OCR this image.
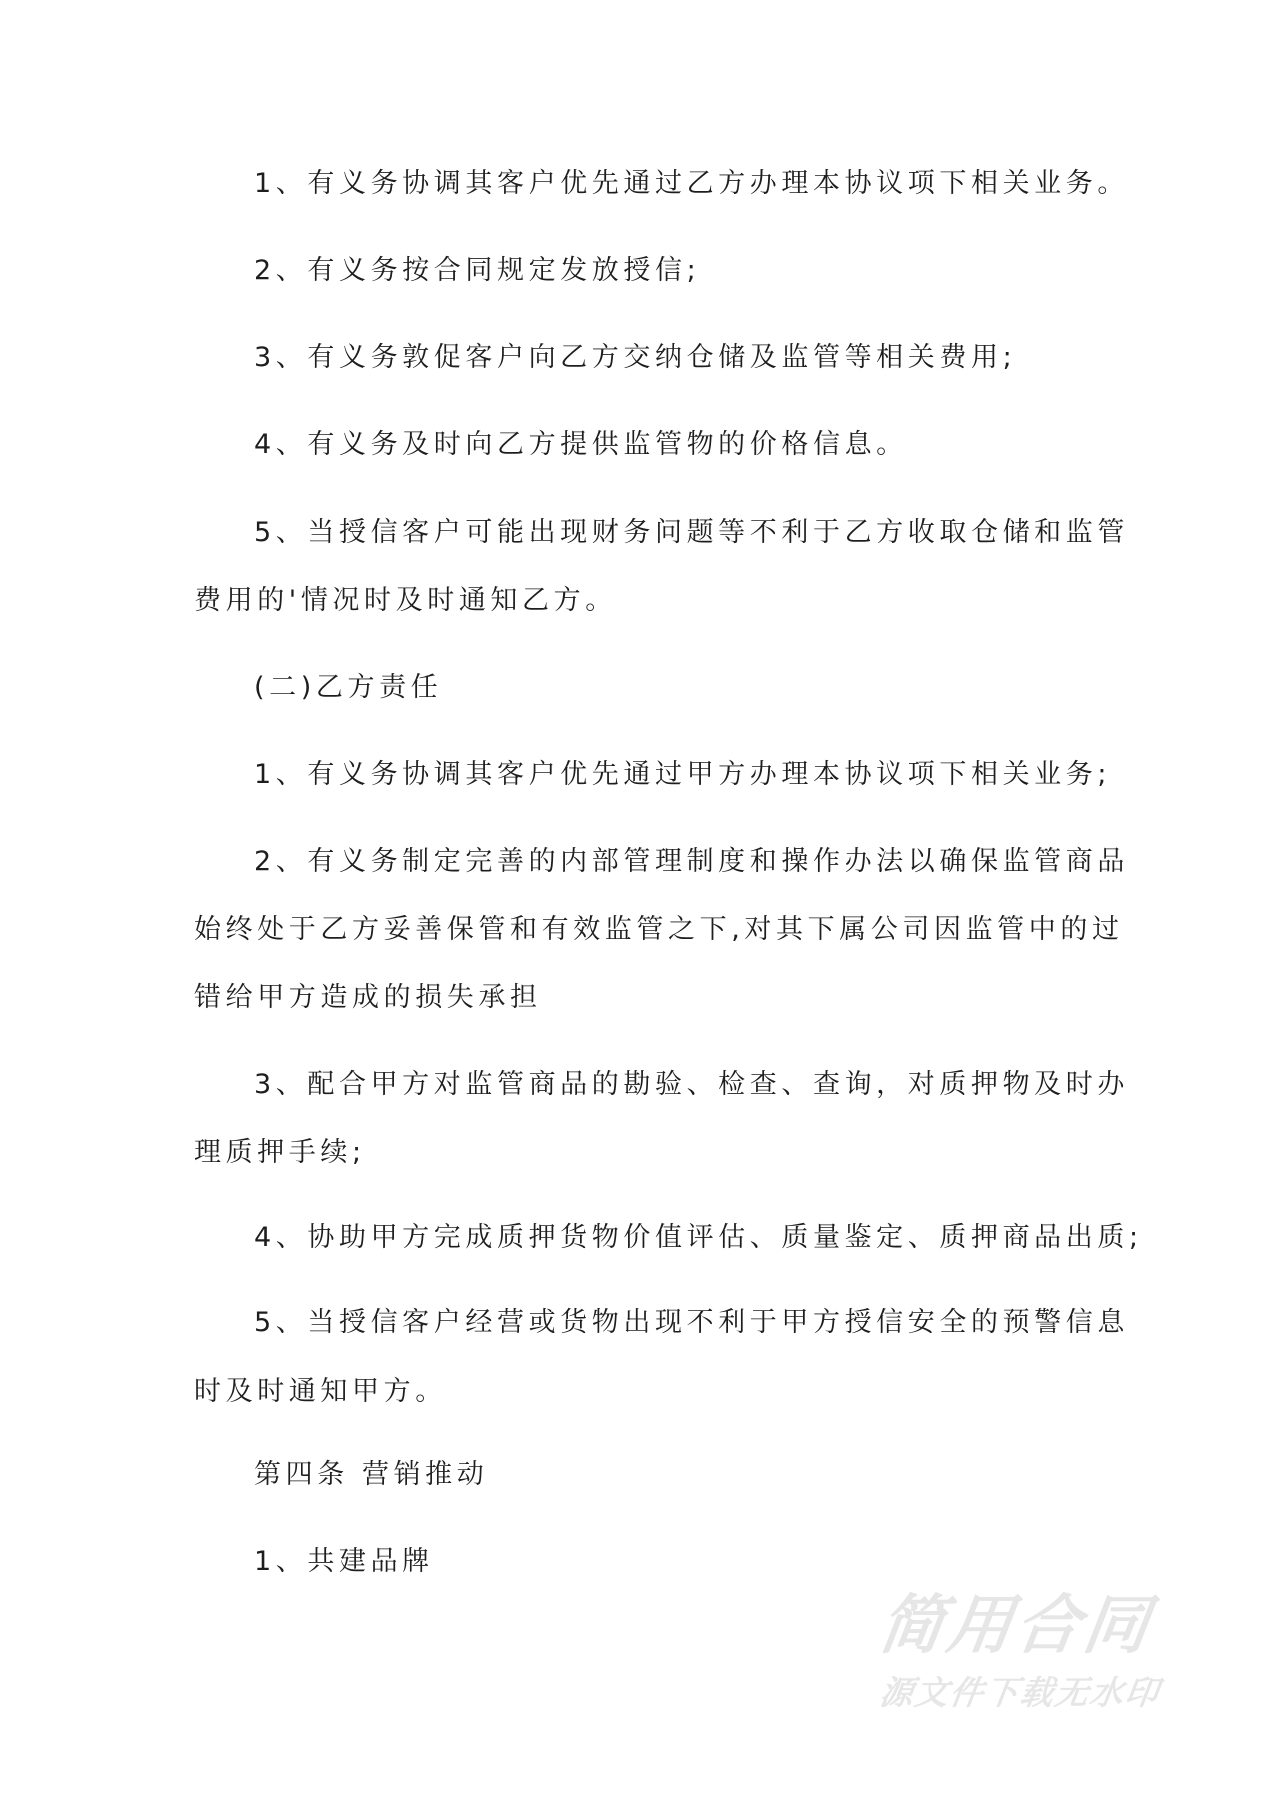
1、有义务协调其客户优先通过乙方办理本协议项下相关业务。
2、有义务按合同规定发放授信;
3、有义务敦促客户向乙方交纳仓储及监管等相关费用;
4、有义务及时向乙方提供监管物的价格信息。
5、当授信客户可能出现财务问题等不利于乙方收取仓储和监管
费用的'情况时及时通知乙方。
(二)乙方责任
1、有义务协调其客户优先通过甲方办理本协议项下相关业务;
2、有义务制定完善的内部管理制度和操作办法以确保监管商品
始终处于乙方妥善保管和有效监管之下,对其下属公司因监管中的过
错给甲方造成的损失承担
3、配合甲方对监管商品的勘验、检查、查询，对质押物及时办
理质押手续;
4、协助甲方完成质押货物价值评估、质量鉴定、质押商品出质;
5、当授信客户经营或货物出现不利于甲方授信安全的预警信息
时及时通知甲方。
第四条 营销推动
1、共建品牌
简用合同
源文件下载无水印
